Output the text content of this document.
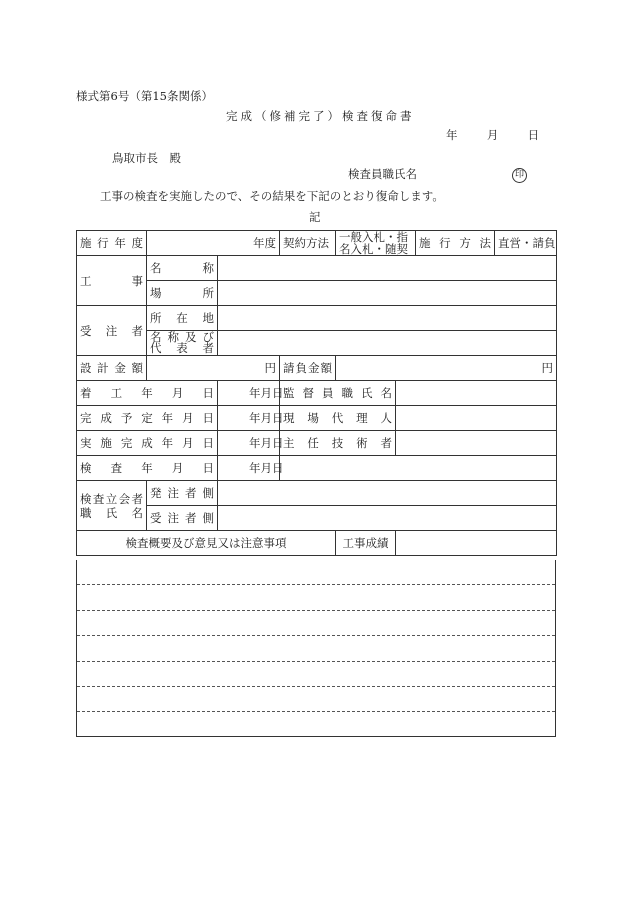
様式第6号（第15条関係）
完成（修補完了）検査復命書
年	月	日
鳥取市長　殿
検査員職氏名	印
工事の検査を実施したので、その結果を下記のとおり復命します。
記
施行年度	年度		契約方法	一般入札・指名入札・随契		施行方法	直営・請負
工　　事	名称						
	場所						
受注者	所在地						

	名称及び
代表者						

設計金額	円		請負金額	円			
着工年月日		年月日	監督員職氏名				
完成予定年月日		年月日	現場代理人				
実施完成年月日		年月日	主任技術者				
検査年月日		年月日					

検査立会者
職　氏　名	発注者側						
	受注者側						
検査概要及び意見又は注意事項				工事成績			
